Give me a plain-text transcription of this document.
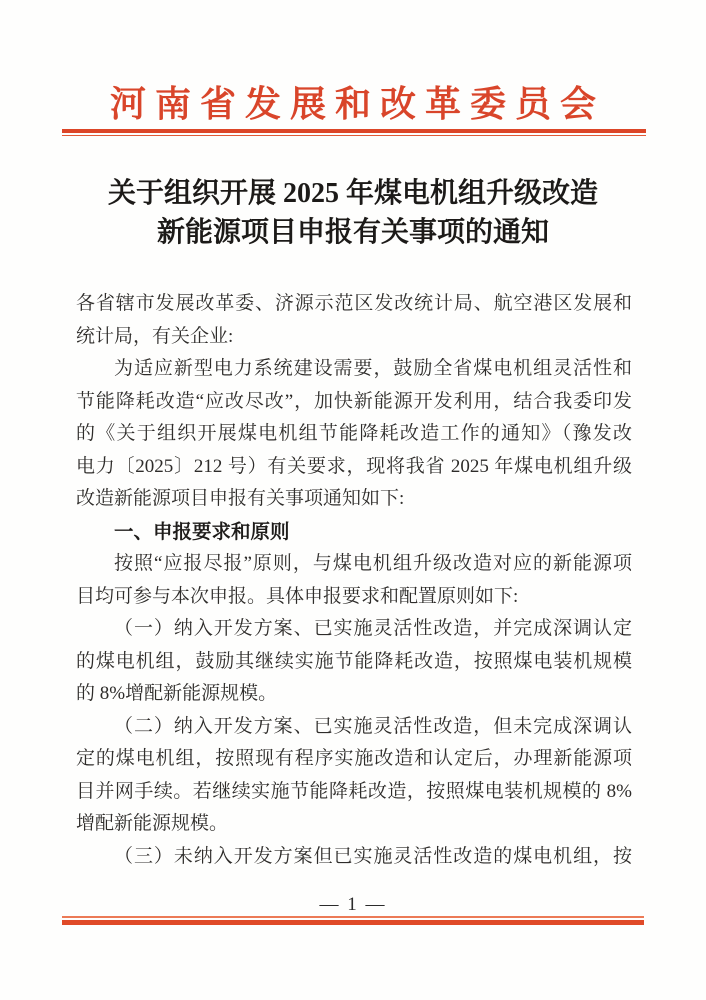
河南省发展和改革委员会
关于组织开展 2025 年煤电机组升级改造
新能源项目申报有关事项的通知
各省辖市发展改革委、济源示范区发改统计局、航空港区发展和
统计局，有关企业:
为适应新型电力系统建设需要，鼓励全省煤电机组灵活性和
节能降耗改造“应改尽改”，加快新能源开发利用，结合我委印发
的《关于组织开展煤电机组节能降耗改造工作的通知》（豫发改
电力〔2025〕212 号）有关要求，现将我省 2025 年煤电机组升级
改造新能源项目申报有关事项通知如下:
一、申报要求和原则
按照“应报尽报”原则，与煤电机组升级改造对应的新能源项
目均可参与本次申报。具体申报要求和配置原则如下:
（一）纳入开发方案、已实施灵活性改造，并完成深调认定
的煤电机组，鼓励其继续实施节能降耗改造，按照煤电装机规模
的 8%增配新能源规模。
（二）纳入开发方案、已实施灵活性改造，但未完成深调认
定的煤电机组，按照现有程序实施改造和认定后，办理新能源项
目并网手续。若继续实施节能降耗改造，按照煤电装机规模的 8%
增配新能源规模。
（三）未纳入开发方案但已实施灵活性改造的煤电机组，按
— 1 —
